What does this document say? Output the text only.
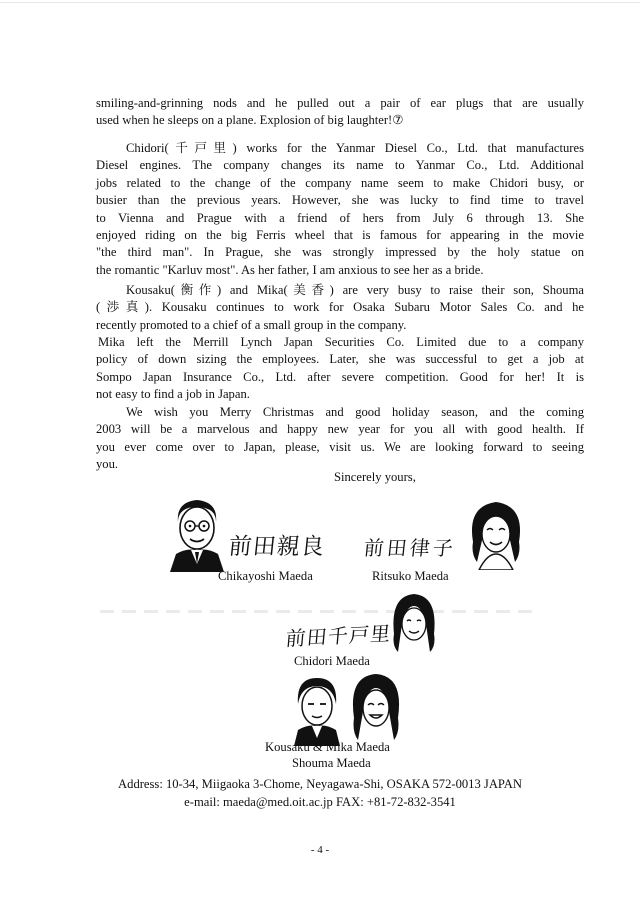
smiling-and-grinning nods and he pulled out a pair of ear plugs that are usually
used when he sleeps on a plane. Explosion of big laughter!⑦
Chidori(千戸里) works for the Yanmar Diesel Co., Ltd. that manufactures
Diesel engines. The company changes its name to Yanmar Co., Ltd. Additional
jobs related to the change of the company name seem to make Chidori busy, or
busier than the previous years. However, she was lucky to find time to travel
to Vienna and Prague with a friend of hers from July 6 through 13. She
enjoyed riding on the big Ferris wheel that is famous for appearing in the movie
"the third man". In Prague, she was strongly impressed by the holy statue on
the romantic "Karluv most". As her father, I am anxious to see her as a bride.
Kousaku(衡作) and Mika(美香) are very busy to raise their son, Shouma
(渉真). Kousaku continues to work for Osaka Subaru Motor Sales Co. and he
recently promoted to a chief of a small group in the company.
Mika left the Merrill Lynch Japan Securities Co. Limited due to a company
policy of down sizing the employees. Later, she was successful to get a job at
Sompo Japan Insurance Co., Ltd. after severe competition. Good for her! It is
not easy to find a job in Japan.
We wish you Merry Christmas and good holiday season, and the coming
2003 will be a marvelous and happy new year for you all with good health. If
you ever come over to Japan, please, visit us. We are looking forward to seeing
you.
Sincerely yours,
前田親良
Chikayoshi Maeda
前田律子
Ritsuko Maeda
前田千戸里
Chidori Maeda
Kousaku & Mika Maeda
Shouma Maeda
Address: 10-34, Miigaoka 3-Chome, Neyagawa-Shi, OSAKA 572-0013 JAPAN
e-mail: maeda@med.oit.ac.jp FAX: +81-72-832-3541
- 4 -
